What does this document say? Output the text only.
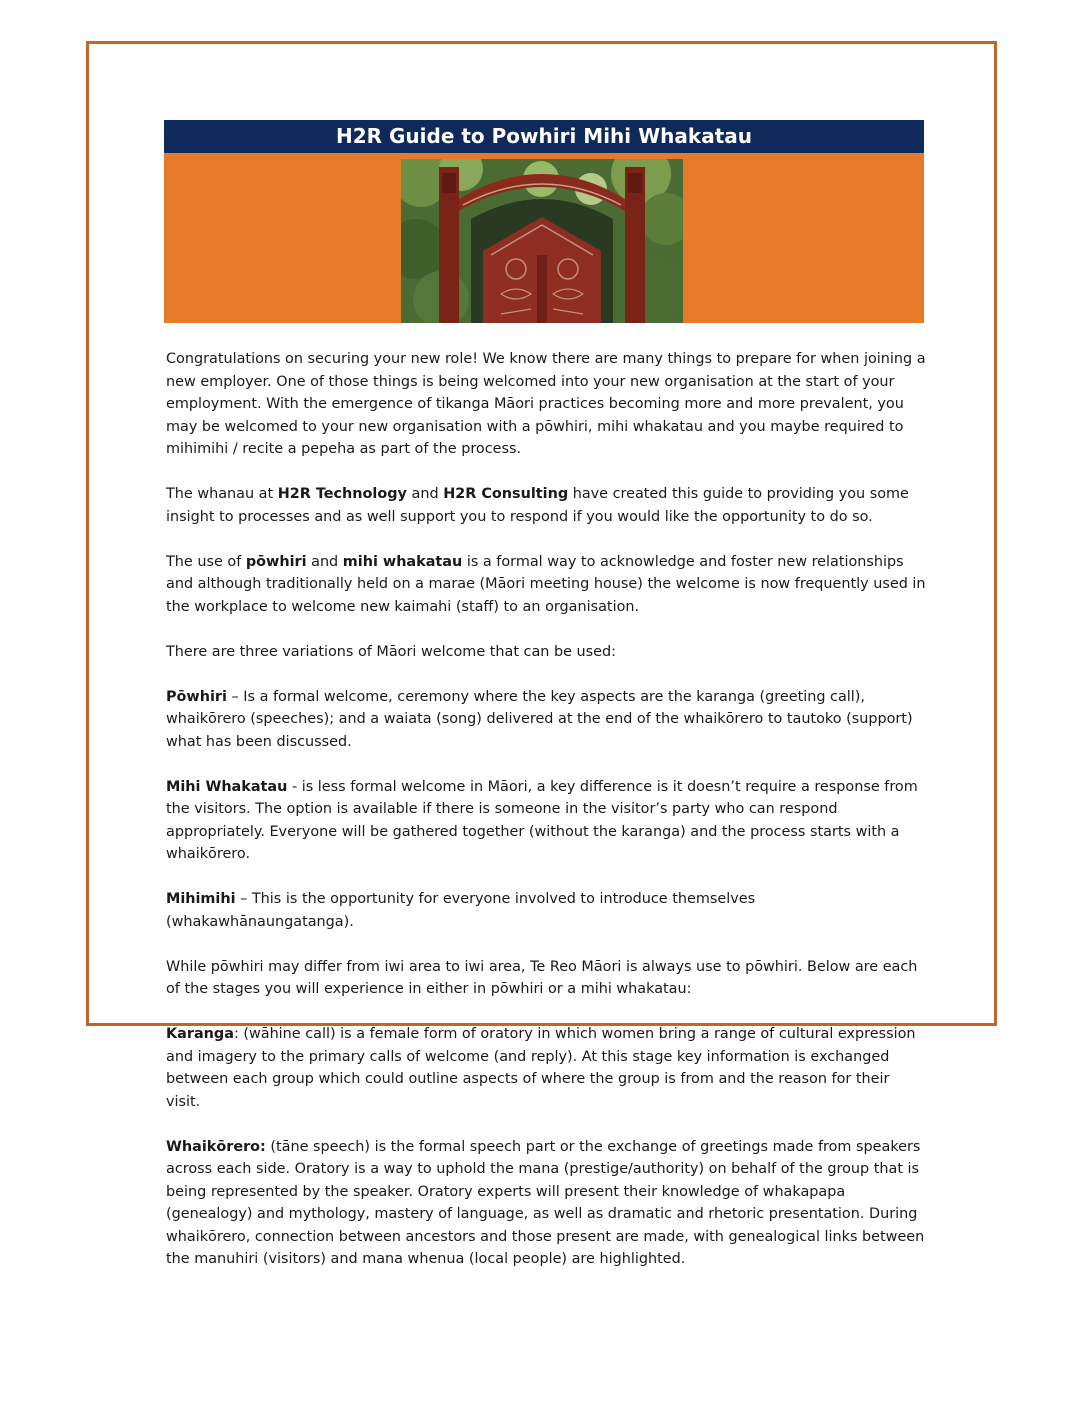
H2R Guide to Powhiri Mihi Whakatau

Congratulations on securing your new role! We know there are many things to prepare for when joining a new employer. One of those things is being welcomed into your new organisation at the start of your employment. With the emergence of tikanga Māori practices becoming more and more prevalent, you may be welcomed to your new organisation with a pōwhiri, mihi whakatau and you maybe required to mihimihi / recite a pepeha as part of the process.

The whanau at H2R Technology and H2R Consulting have created this guide to providing you some insight to processes and as well support you to respond if you would like the opportunity to do so.

The use of pōwhiri and mihi whakatau is a formal way to acknowledge and foster new relationships and although traditionally held on a marae (Māori meeting house) the welcome is now frequently used in the workplace to welcome new kaimahi (staff) to an organisation.

There are three variations of Māori welcome that can be used:

Pōwhiri – Is a formal welcome, ceremony where the key aspects are the karanga (greeting call), whaikōrero (speeches); and a waiata (song) delivered at the end of the whaikōrero to tautoko (support) what has been discussed.

Mihi Whakatau - is less formal welcome in Māori, a key difference is it doesn’t require a response from the visitors. The option is available if there is someone in the visitor’s party who can respond appropriately. Everyone will be gathered together (without the karanga) and the process starts with a whaikōrero.

Mihimihi – This is the opportunity for everyone involved to introduce themselves (whakawhānaungatanga).

While pōwhiri may differ from iwi area to iwi area, Te Reo Māori is always use to pōwhiri. Below are each of the stages you will experience in either in pōwhiri or a mihi whakatau:

Karanga: (wāhine call) is a female form of oratory in which women bring a range of cultural expression and imagery to the primary calls of welcome (and reply). At this stage key information is exchanged between each group which could outline aspects of where the group is from and the reason for their visit.

Whaikōrero: (tāne speech) is the formal speech part or the exchange of greetings made from speakers across each side. Oratory is a way to uphold the mana (prestige/authority) on behalf of the group that is being represented by the speaker. Oratory experts will present their knowledge of whakapapa (genealogy) and mythology, mastery of language, as well as dramatic and rhetoric presentation. During whaikōrero, connection between ancestors and those present are made, with genealogical links between the manuhiri (visitors) and mana whenua (local people) are highlighted.
